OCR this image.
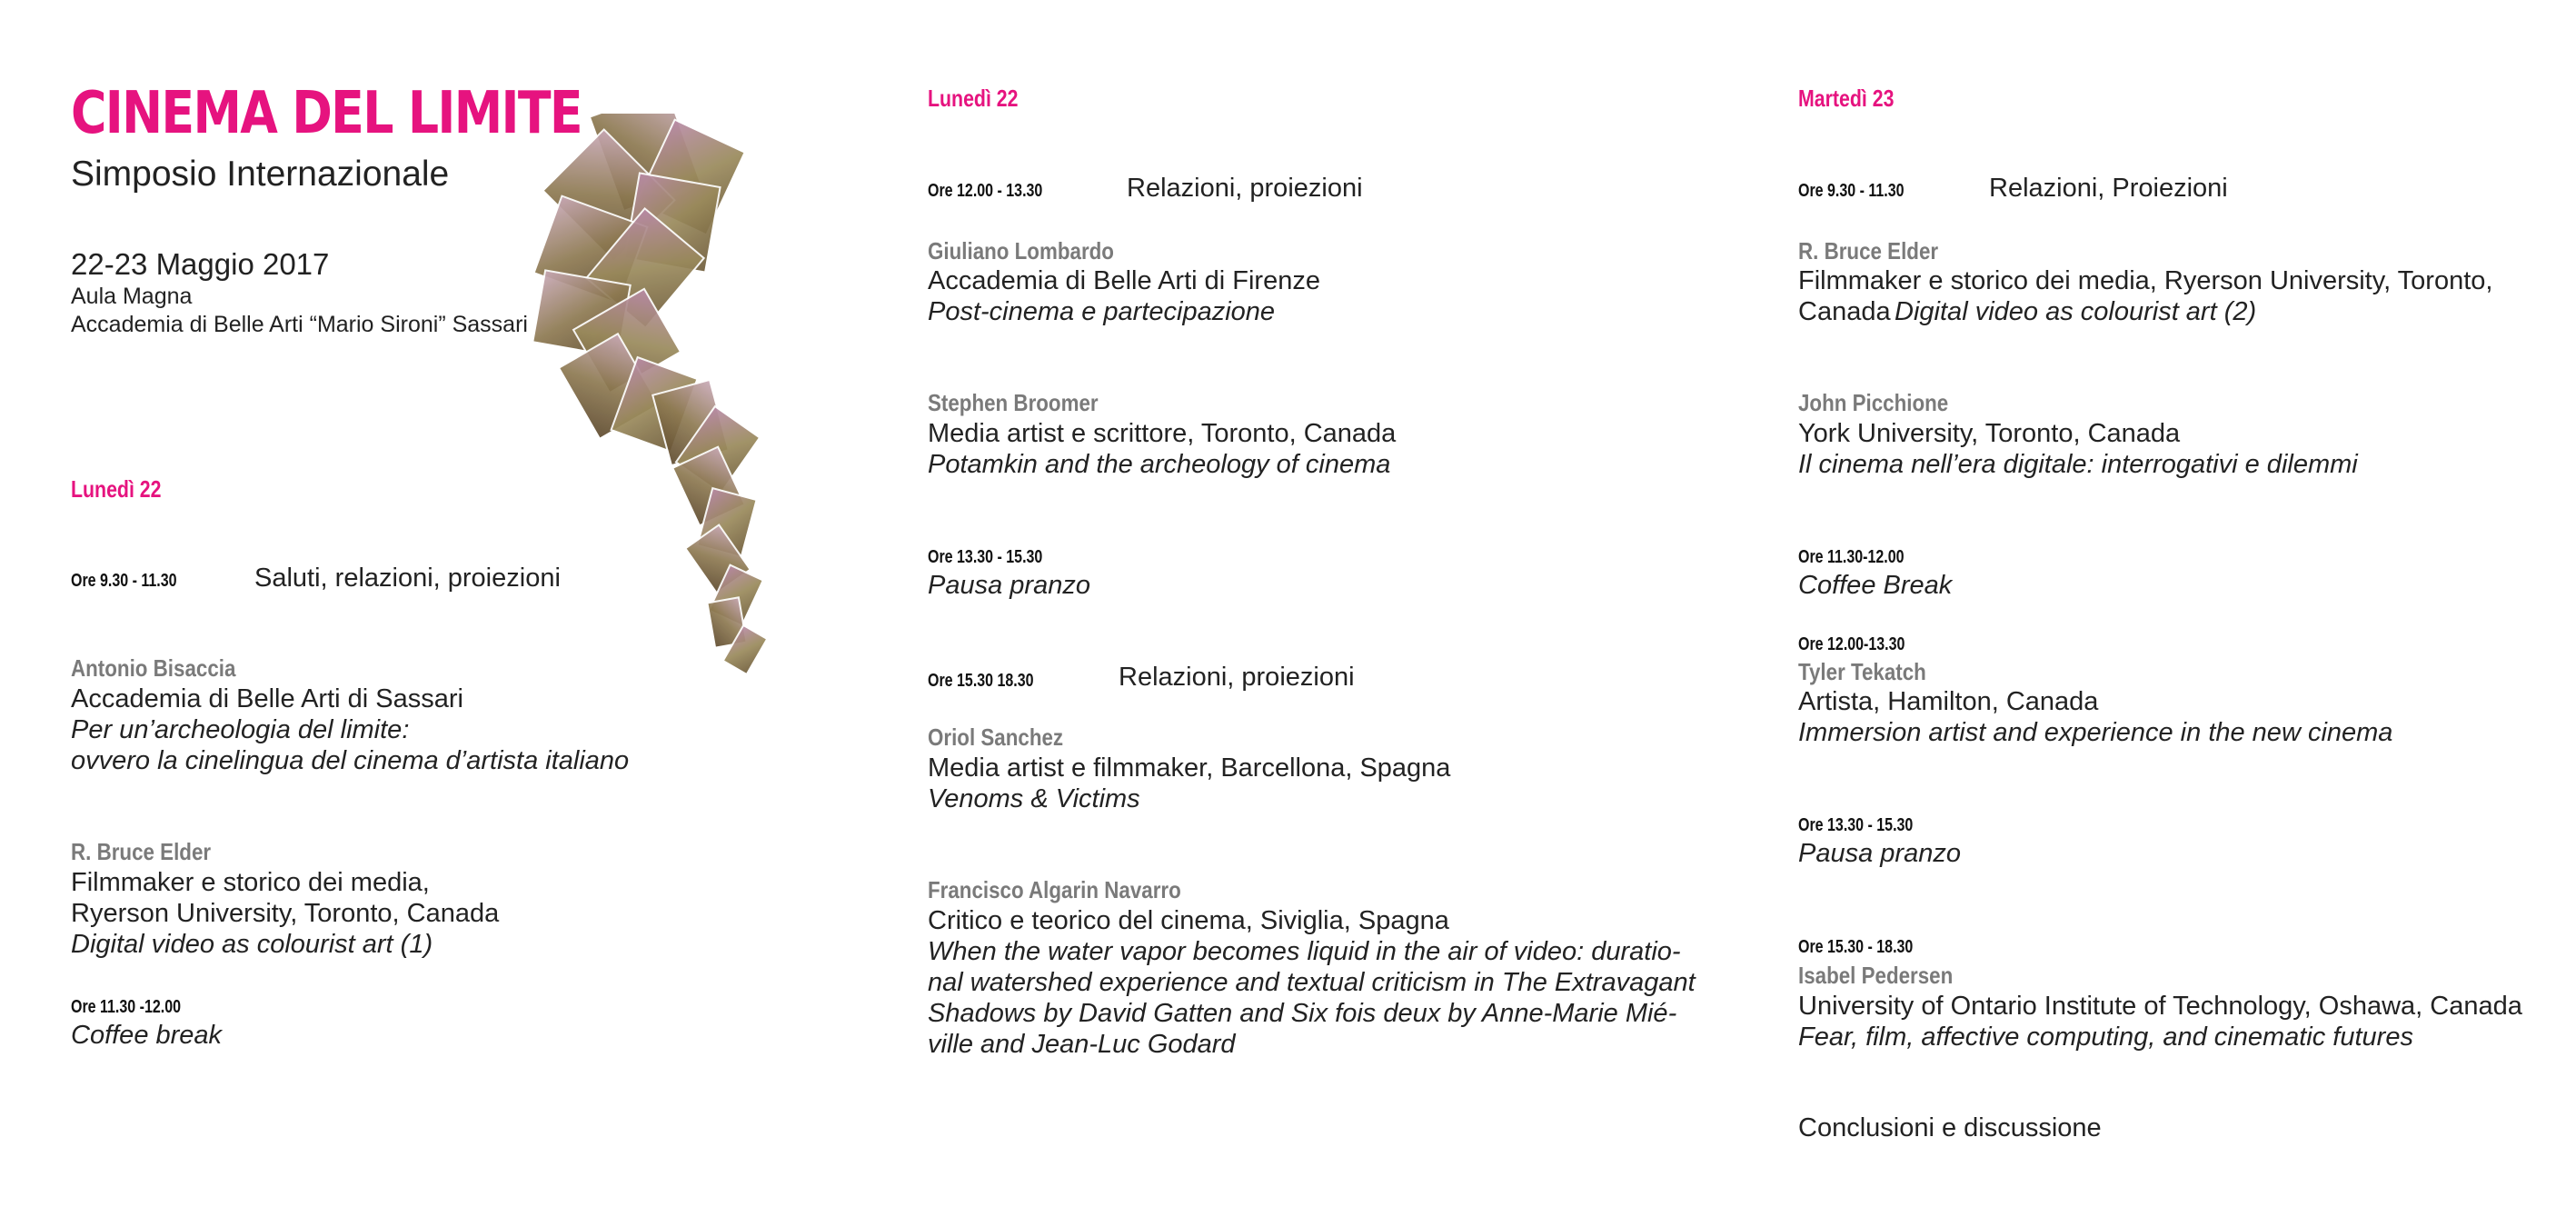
CINEMA DEL LIMITE
Simposio Internazionale
22-23 Maggio 2017
Aula Magna
Accademia di Belle Arti “Mario Sironi” Sassari
Lunedì 22
Ore 9.30 - 11.30	Saluti, relazioni, proiezioni
Antonio Bisaccia
Accademia di Belle Arti di Sassari
Per un’archeologia del limite:
ovvero la cinelingua del cinema d’artista italiano
R. Bruce Elder
Filmmaker e storico dei media,
Ryerson University, Toronto, Canada
Digital video as colourist art (1)
Ore 11.30 -12.00
Coffee break
Lunedì 22
Ore 12.00 - 13.30	Relazioni, proiezioni
Giuliano Lombardo
Accademia di Belle Arti di Firenze
Post-cinema e partecipazione
Stephen Broomer
Media artist e scrittore, Toronto, Canada
Potamkin and the archeology of cinema
Ore 13.30 - 15.30
Pausa pranzo
Ore 15.30 18.30	Relazioni, proiezioni
Oriol Sanchez
Media artist e filmmaker, Barcellona, Spagna
Venoms & Victims
Francisco Algarin Navarro
Critico e teorico del cinema, Siviglia, Spagna
When the water vapor becomes liquid in the air of video: duratio-
nal watershed experience and textual criticism in The Extravagant
Shadows by David Gatten and Six fois deux by Anne-Marie Mié-
ville and Jean-Luc Godard
Martedì 23
Ore 9.30 - 11.30	Relazioni, Proiezioni
R. Bruce Elder
Filmmaker e storico dei media, Ryerson University, Toronto,
Canada Digital video as colourist art (2)
John Picchione
York University, Toronto, Canada
Il cinema nell’era digitale: interrogativi e dilemmi
Ore 11.30-12.00
Coffee Break
Ore 12.00-13.30
Tyler Tekatch
Artista, Hamilton, Canada
Immersion artist and experience in the new cinema
Ore 13.30 - 15.30
Pausa pranzo
Ore 15.30 - 18.30
Isabel Pedersen
University of Ontario Institute of Technology, Oshawa, Canada
Fear, film, affective computing, and cinematic futures
Conclusioni e discussione
